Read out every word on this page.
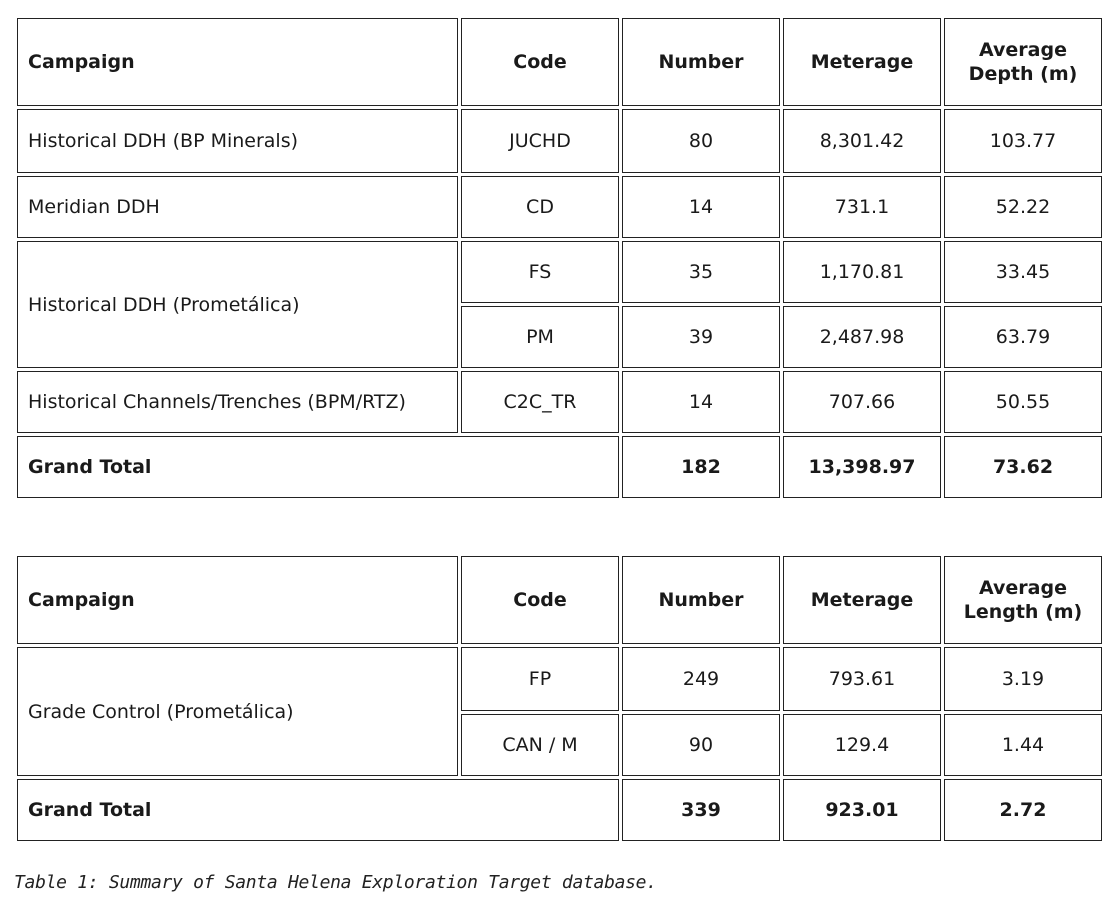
Campaign	Code	Number	Meterage	Average
Depth (m)
Historical DDH (BP Minerals)	JUCHD	80	8,301.42	103.77
Meridian DDH	CD	14	731.1	52.22
Historical DDH (Prometálica)	FS	35	1,170.81	33.45
	PM	39	2,487.98	63.79
Historical Channels/Trenches (BPM/RTZ)	C2C_TR	14	707.66	50.55
Grand Total		182	13,398.97	73.62
Campaign	Code	Number	Meterage	Average
Length (m)
Grade Control (Prometálica)	FP	249	793.61	3.19
	CAN / M	90	129.4	1.44
Grand Total		339	923.01	2.72
Table 1: Summary of Santa Helena Exploration Target database.
